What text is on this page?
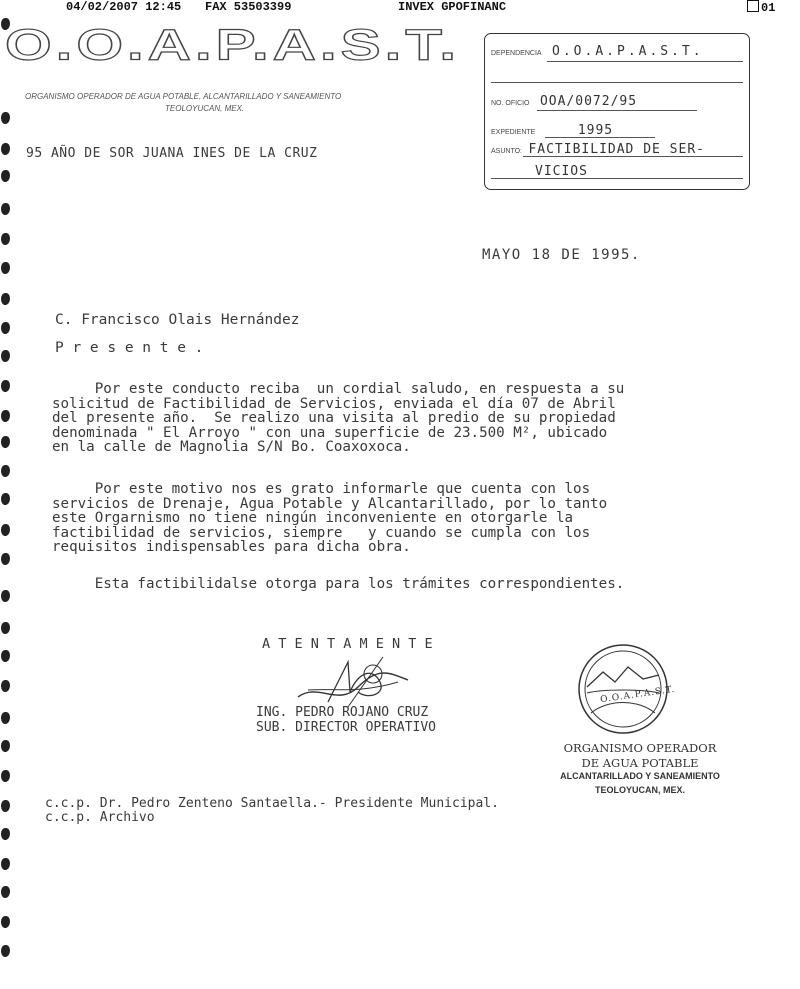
04/02/2007 12:45 FAX 53503399	INVEX GPOFINANC	01
O.O.A.P.A.S.T.
ORGANISMO OPERADOR DE AGUA POTABLE, ALCANTARILLADO Y SANEAMIENTO
TEOLOYUCAN, MEX.
95 AÑO DE SOR JUANA INES DE LA CRUZ
DEPENDENCIA O.O.A.P.A.S.T.
NO. OFICIO OOA/0072/95
EXPEDIENTE	1995
ASUNTO: FACTIBILIDAD DE SER-
VICIOS
MAYO 18 DE 1995.
C. Francisco Olais Hernández
P r e s e n t e .
Por este conducto reciba  un cordial saludo, en respuesta a su
solicitud de Factibilidad de Servicios, enviada el día 07 de Abril
del presente año.  Se realizo una visita al predio de su propiedad
denominada " El Arroyo " con una superficie de 23.500 M², ubicado
en la calle de Magnolia S/N Bo. Coaxoxoca.
Por este motivo nos es grato informarle que cuenta con los
servicios de Drenaje, Agua Potable y Alcantarillado, por lo tanto
este Orgarnismo no tiene ningún inconveniente en otorgarle la
factibilidad de servicios, siempre   y cuando se cumpla con los
requisitos indispensables para dicha obra.
Esta factibilidalse otorga para los trámites correspondientes.
A T E N T A M E N T E
ING. PEDRO ROJANO CRUZ
SUB. DIRECTOR OPERATIVO
O.O.A.P.A.S.T.
ORGANISMO OPERADOR
DE AGUA POTABLE
ALCANTARILLADO Y SANEAMIENTO
TEOLOYUCAN, MEX.
c.c.p. Dr. Pedro Zenteno Santaella.- Presidente Municipal.
c.c.p. Archivo
